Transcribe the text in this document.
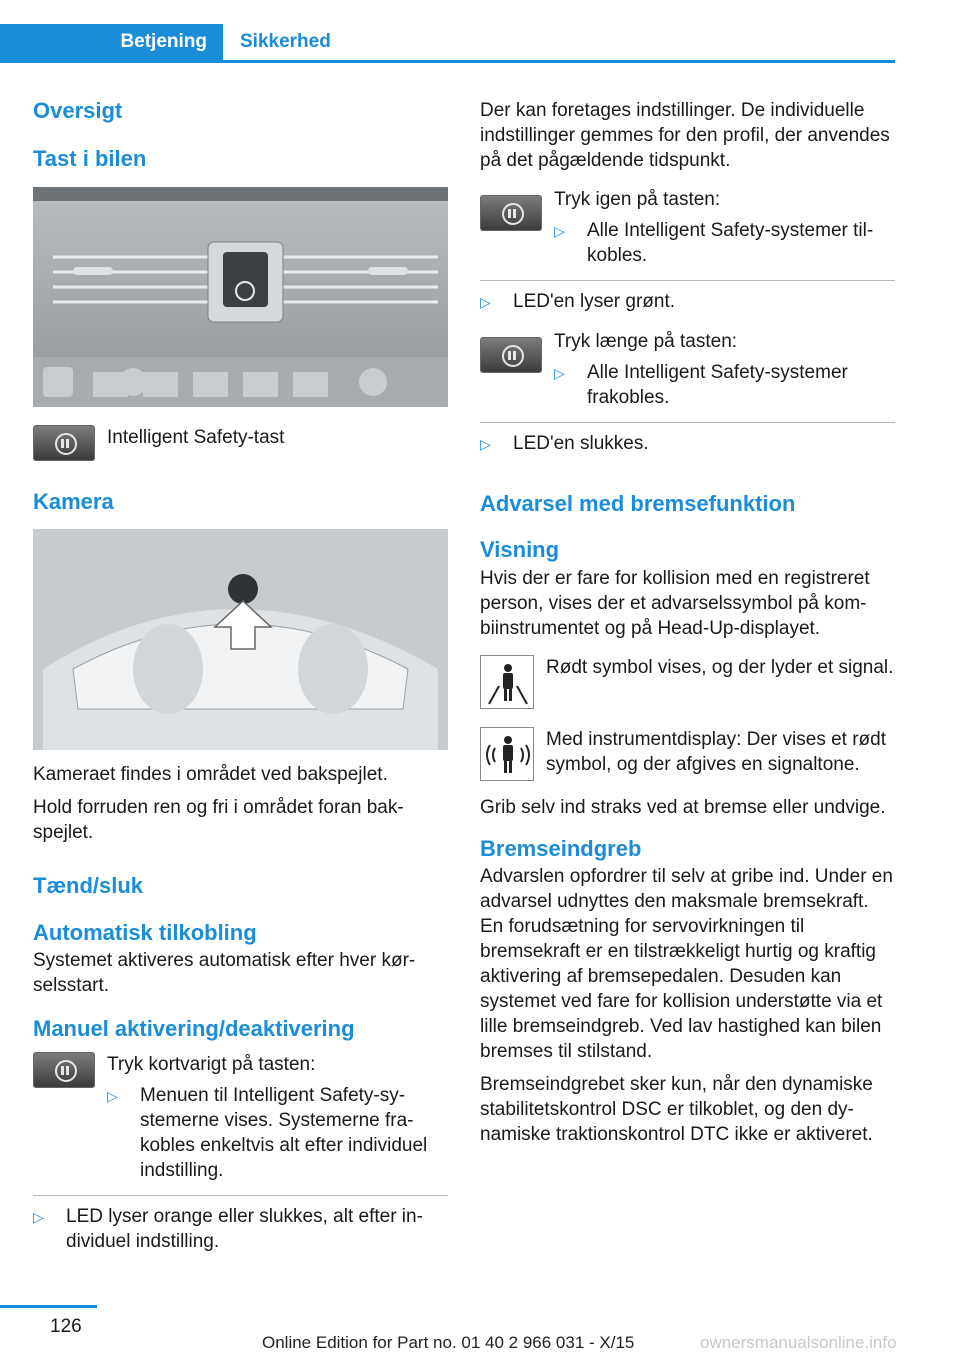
Betjening	Sikkerhed
Oversigt
Tast i bilen
Intelligent Safety-tast
Kamera

Kameraet findes i området ved bakspejlet.

Hold forruden ren og fri i området foran bakspejlet.

Tænd/sluk
Automatisk tilkobling

Systemet aktiveres automatisk efter hver kørselsstart.

Manuel aktivering/deaktivering
Tryk kortvarigt på tasten:
▷	Menuen til Intelligent Safety-systemerne vises. Systemerne frakobles enkeltvis alt efter individuel indstilling.
▷	LED lyser orange eller slukkes, alt efter individuel indstilling.

Der kan foretages indstillinger. De individuelle indstillinger gemmes for den profil, der anvendes på det pågældende tidspunkt.

Tryk igen på tasten:
▷	Alle Intelligent Safety-systemer tilkobles.
▷	LED'en lyser grønt.
Tryk længe på tasten:
▷	Alle Intelligent Safety-systemer frakobles.
▷	LED'en slukkes.
Advarsel med bremsefunktion
Visning

Hvis der er fare for kollision med en registreret person, vises der et advarselssymbol på kombiinstrumentet og på Head-Up-displayet.

Rødt symbol vises, og der lyder et signal.
Med instrumentdisplay: Der vises et rødt symbol, og der afgives en signaltone.

Grib selv ind straks ved at bremse eller undvige.

Bremseindgreb

Advarslen opfordrer til selv at gribe ind. Under en advarsel udnyttes den maksmale bremsekraft. En forudsætning for servovirkningen til bremsekraft er en tilstrækkeligt hurtig og kraftig aktivering af bremsepedalen. Desuden kan systemet ved fare for kollision understøtte via et lille bremseindgreb. Ved lav hastighed kan bilen bremses til stilstand.

Bremseindgrebet sker kun, når den dynamiske stabilitetskontrol DSC er tilkoblet, og den dynamiske traktionskontrol DTC ikke er aktiveret.

126
Online Edition for Part no. 01 40 2 966 031 - X/15	ownersmanualsonline.info
